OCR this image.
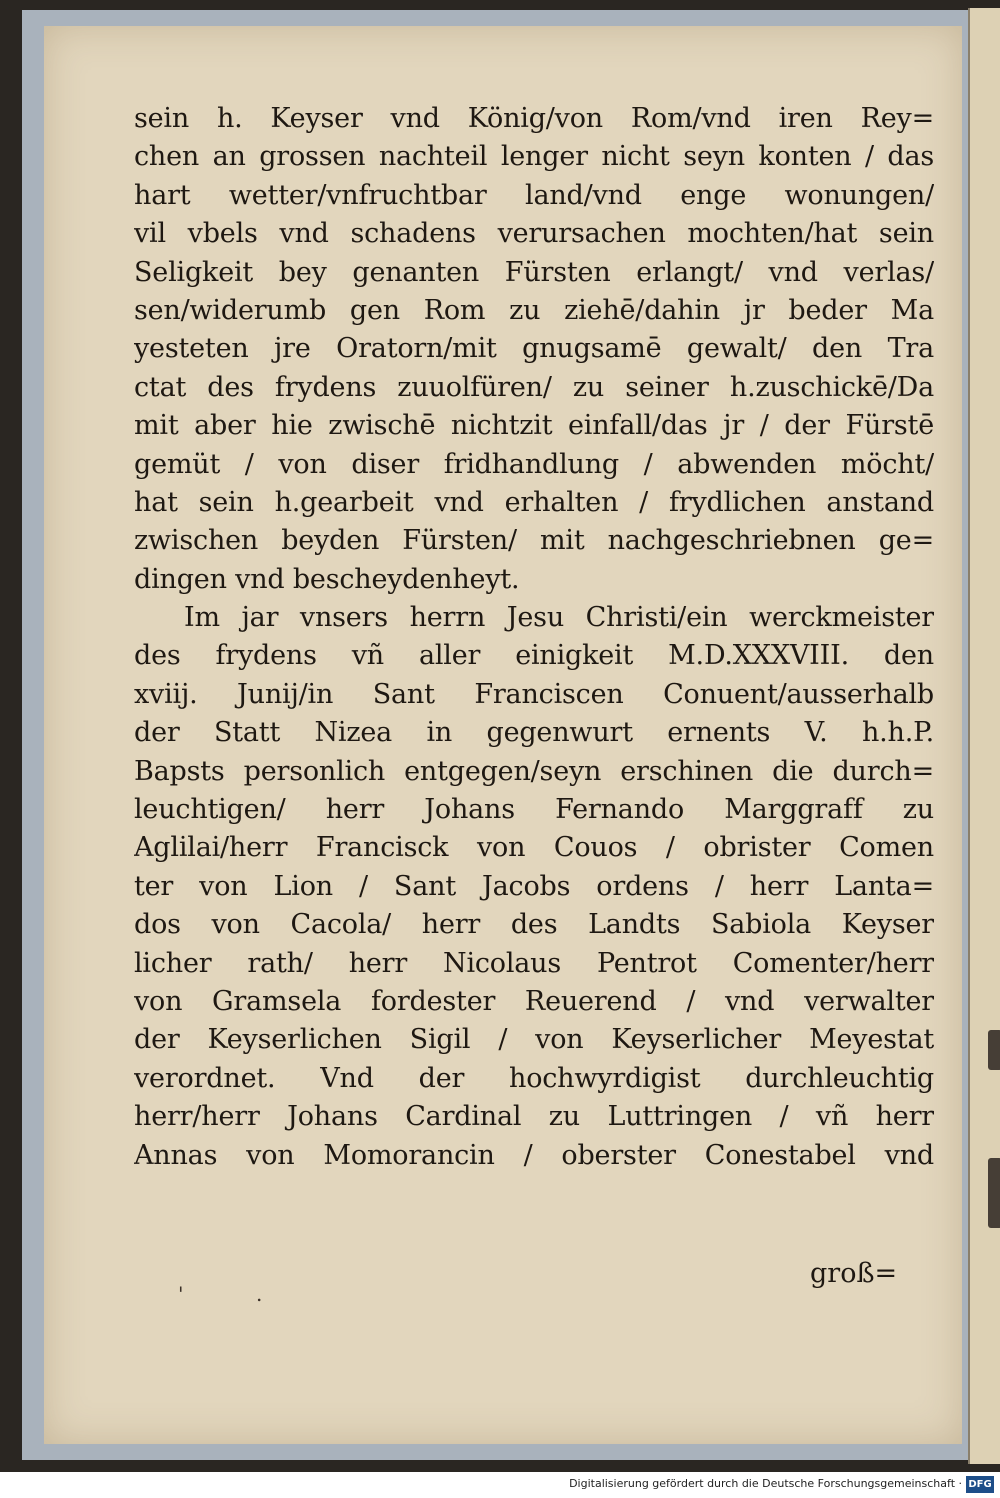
sein h. Keyser vnd König/von Rom/vnd iren Rey=
chen an grossen nachteil lenger nicht seyn konten / das
hart wetter/vnfruchtbar land/vnd enge wonungen/
vil vbels vnd schadens verursachen mochten/hat sein
Seligkeit bey genanten Fürsten erlangt/ vnd verlas/
sen/widerumb gen Rom zu ziehē/dahin jr beder Ma
yesteten jre Oratorn/mit gnugsamē gewalt/ den Tra
ctat des frydens zuuolfüren/ zu seiner h.zuschickē/Da
mit aber hie zwischē nichtzit einfall/das jr / der Fürstē
gemüt / von diser fridhandlung / abwenden möcht/
hat sein h.gearbeit vnd erhalten / frydlichen anstand
zwischen beyden Fürsten/ mit nachgeschriebnen ge=
dingen vnd bescheydenheyt.
Im jar vnsers herrn Jesu Christi/ein werckmeister
des frydens vñ aller einigkeit M.D.XXXVIII. den
xviij. Junij/in Sant Franciscen Conuent/ausserhalb
der Statt Nizea in gegenwurt ernents V. h.h.P.
Bapsts personlich entgegen/seyn erschinen die durch=
leuchtigen/ herr Johans Fernando Marggraff zu
Aglilai/herr Francisck von Couos / obrister Comen
ter von Lion / Sant Jacobs ordens / herr Lanta=
dos von Cacola/ herr des Landts Sabiola Keyser
licher rath/ herr Nicolaus Pentrot Comenter/herr
von Gramsela fordester Reuerend / vnd verwalter
der Keyserlichen Sigil / von Keyserlicher Meyestat
verordnet. Vnd der hochwyrdigist durchleuchtig
herr/herr Johans Cardinal zu Luttringen / vñ herr
Annas von Momorancin / oberster Conestabel vnd
groß=
'	.
Digitalisierung gefördert durch die Deutsche Forschungsgemeinschaft · DFG
